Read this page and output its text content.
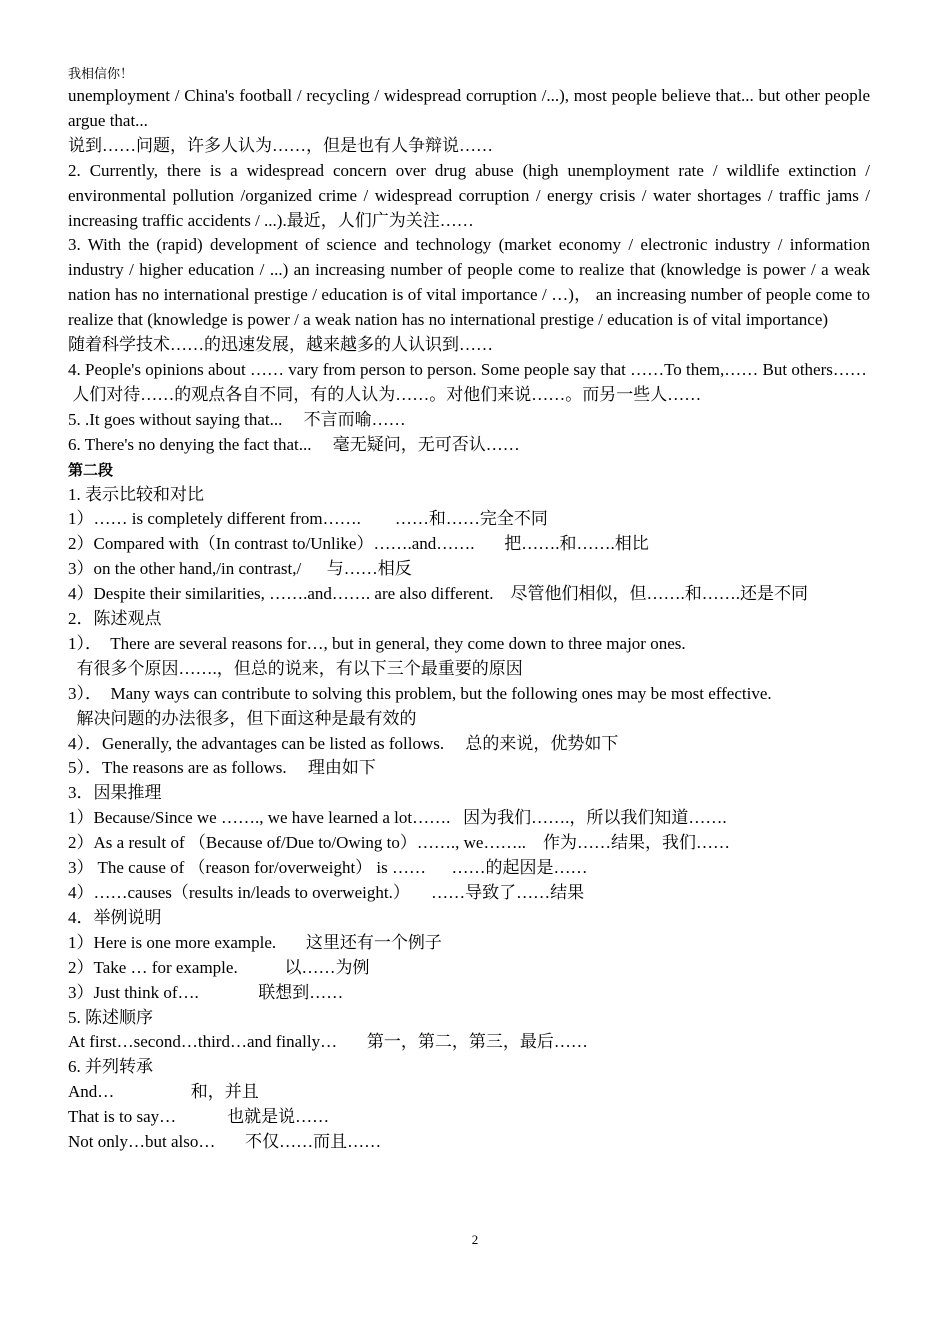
我相信你！

unemployment / China's football / recycling / widespread corruption /...), most people believe that... but other people argue that...

说到……问题，许多人认为……，但是也有人争辩说……

2. Currently, there is a widespread concern over drug abuse (high unemployment rate / wildlife extinction / environmental pollution /organized crime / widespread corruption / energy crisis / water shortages / traffic jams / increasing traffic accidents / ...).最近，人们广为关注……

3. With the (rapid) development of science and technology (market economy / electronic industry / information industry / higher education / ...) an increasing number of people come to realize that (knowledge is power / a weak nation has no international prestige / education is of vital importance / …)， an increasing number of people come to realize that (knowledge is power / a weak nation has no international prestige / education is of vital importance)

随着科学技术……的迅速发展，越来越多的人认识到……

4. People's opinions about …… vary from person to person. Some people say that ……To them,…… But others……

人们对待……的观点各自不同，有的人认为……。对他们来说……。而另一些人……

5. .It goes without saying that...     不言而喻……

6. There's no denying the fact that...     毫无疑问，无可否认……

第二段

1. 表示比较和对比

1）…… is completely different from…….        ……和……完全不同

2）Compared with（In contrast to/Unlike）…….and…….       把…….和…….相比

3）on the other hand,/in contrast,/      与……相反

4）Despite their similarities, …….and……. are also different.    尽管他们相似，但…….和…….还是不同

2．陈述观点

1）．  There are several reasons for…, but in general, they come down to three major ones.

有很多个原因…….，但总的说来，有以下三个最重要的原因

3）．  Many ways can contribute to solving this problem, but the following ones may be most effective.

解决问题的办法很多，但下面这种是最有效的

4）．Generally, the advantages can be listed as follows.     总的来说，优势如下

5）．The reasons are as follows.     理由如下

3．因果推理

1）Because/Since we ……., we have learned a lot…….   因为我们…….，所以我们知道…….

2）As a result of （Because of/Due to/Owing to）……., we……..    作为……结果，我们……

3） The cause of （reason for/overweight） is ……      ……的起因是……

4）……causes（results in/leads to overweight.）     ……导致了……结果

4．举例说明

1）Here is one more example.       这里还有一个例子

2）Take … for example.           以……为例

3）Just think of….              联想到……

5. 陈述顺序

At first…second…third…and finally…       第一，第二，第三，最后……

6. 并列转承

And…                  和，并且

That is to say…            也就是说……

Not only…but also…       不仅……而且……

2
